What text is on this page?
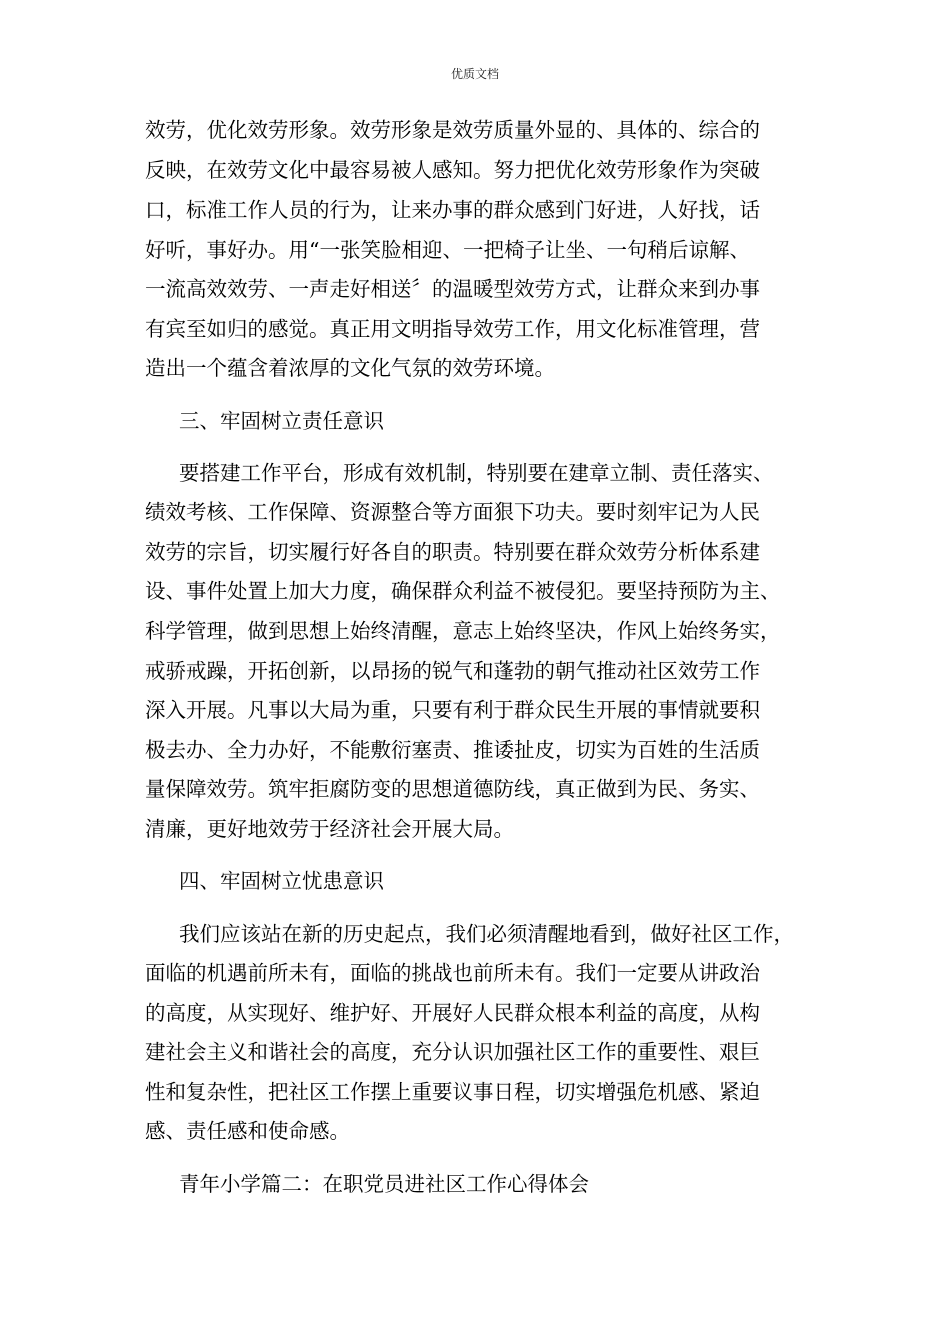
优质文档
效劳，优化效劳形象。效劳形象是效劳质量外显的、具体的、综合的
反映，在效劳文化中最容易被人感知。努力把优化效劳形象作为突破
口，标准工作人员的行为，让来办事的群众感到门好进，人好找，话
好听，事好办。用“一张笑脸相迎、一把椅子让坐、一句稍后谅解、
一流高效效劳、一声走好相送〞的温暖型效劳方式，让群众来到办事
有宾至如归的感觉。真正用文明指导效劳工作，用文化标准管理，营
造出一个蕴含着浓厚的文化气氛的效劳环境。
三、牢固树立责任意识
要搭建工作平台，形成有效机制，特别要在建章立制、责任落实、
绩效考核、工作保障、资源整合等方面狠下功夫。要时刻牢记为人民
效劳的宗旨，切实履行好各自的职责。特别要在群众效劳分析体系建
设、事件处置上加大力度，确保群众利益不被侵犯。要坚持预防为主、
科学管理，做到思想上始终清醒，意志上始终坚决，作风上始终务实，
戒骄戒躁，开拓创新，以昂扬的锐气和蓬勃的朝气推动社区效劳工作
深入开展。凡事以大局为重，只要有利于群众民生开展的事情就要积
极去办、全力办好，不能敷衍塞责、推诿扯皮，切实为百姓的生活质
量保障效劳。筑牢拒腐防变的思想道德防线，真正做到为民、务实、
清廉，更好地效劳于经济社会开展大局。
四、牢固树立忧患意识
我们应该站在新的历史起点，我们必须清醒地看到，做好社区工作，
面临的机遇前所未有，面临的挑战也前所未有。我们一定要从讲政治
的高度，从实现好、维护好、开展好人民群众根本利益的高度，从构
建社会主义和谐社会的高度，充分认识加强社区工作的重要性、艰巨
性和复杂性，把社区工作摆上重要议事日程，切实增强危机感、紧迫
感、责任感和使命感。
青年小学篇二：在职党员进社区工作心得体会
